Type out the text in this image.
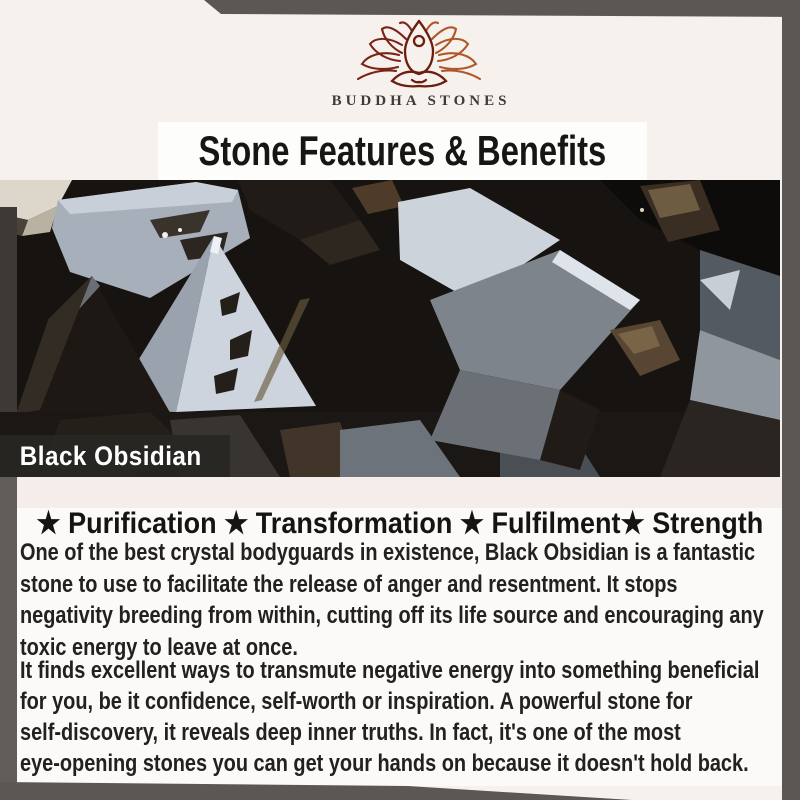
BUDDHA STONES
Stone Features & Benefits
Black Obsidian
★ Purification ★ Transformation ★ Fulfilment★ Strength
One of the best crystal bodyguards in existence, Black Obsidian is a fantastic
stone to use to facilitate the release of anger and resentment. It stops
negativity breeding from within, cutting off its life source and encouraging any
toxic energy to leave at once.
It finds excellent ways to transmute negative energy into something beneficial
for you, be it confidence, self-worth or inspiration. A powerful stone for
self-discovery, it reveals deep inner truths. In fact, it's one of the most
eye-opening stones you can get your hands on because it doesn't hold back.
